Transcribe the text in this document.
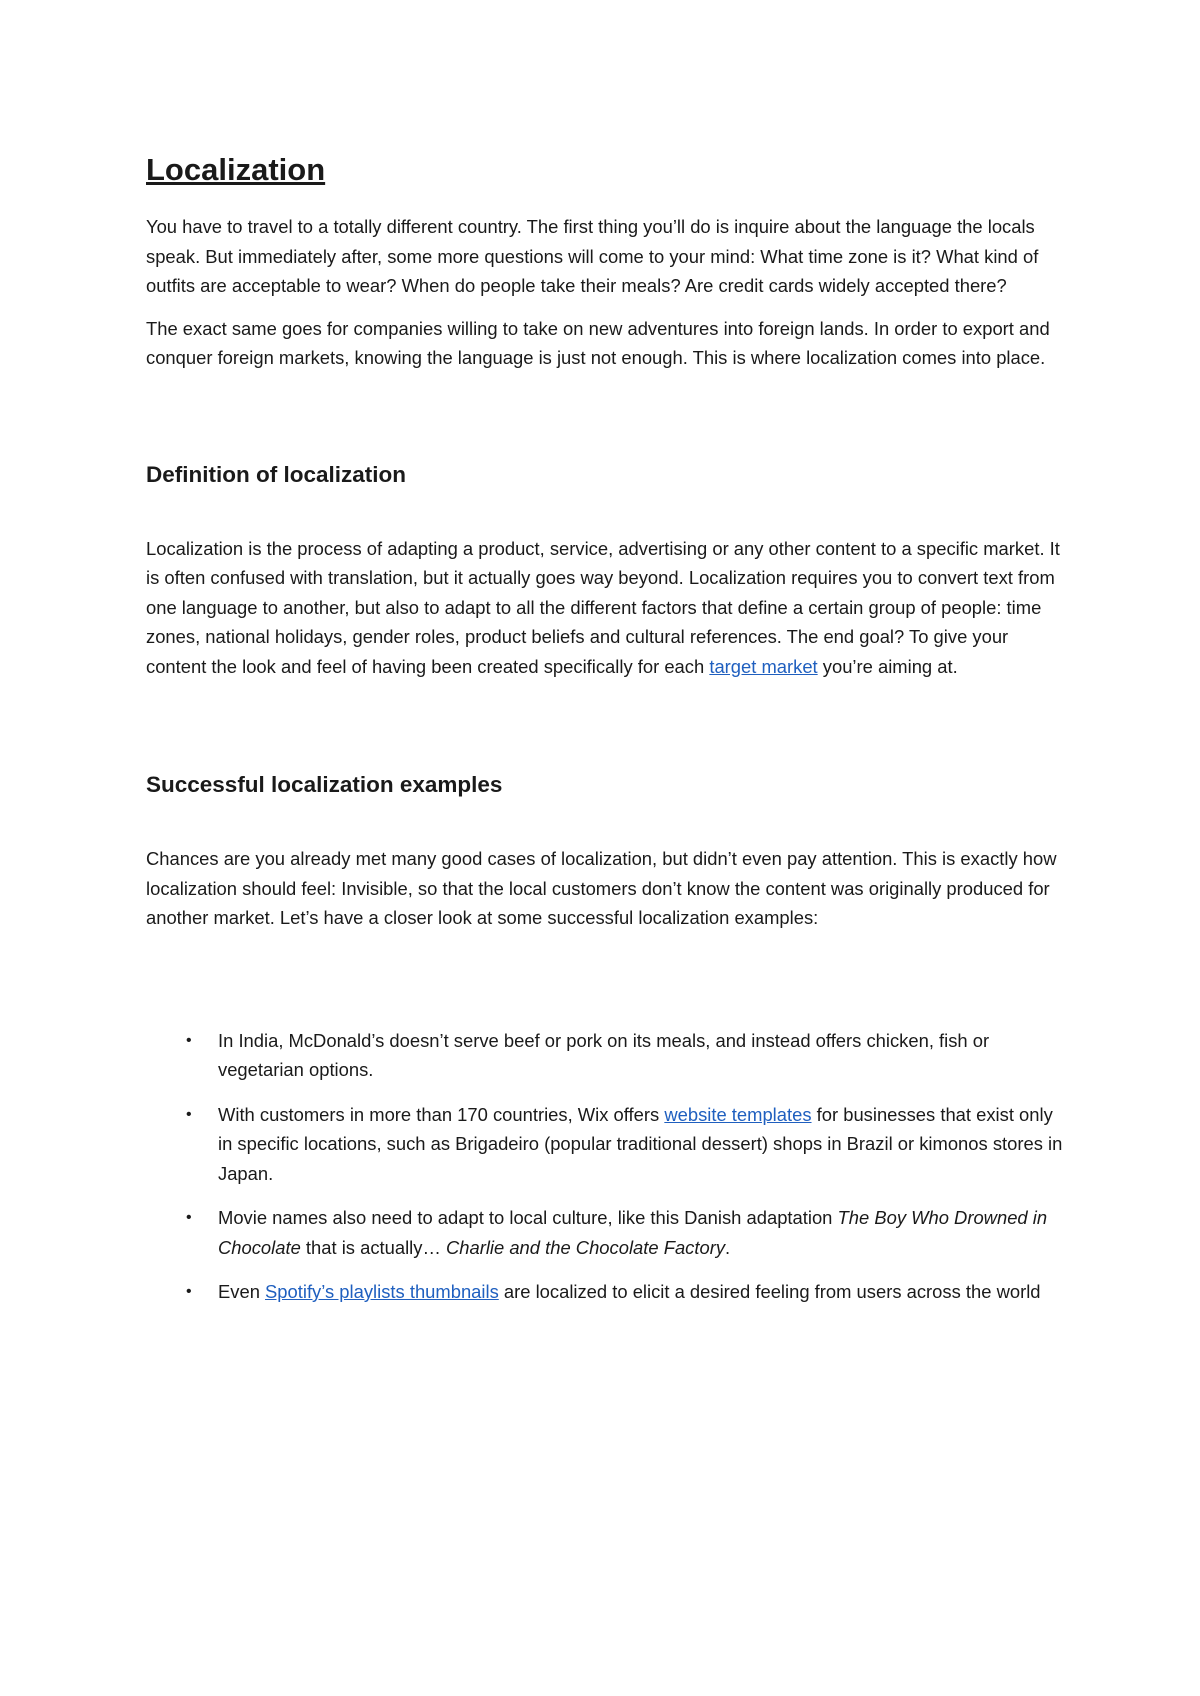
Localization

You have to travel to a totally different country. The first thing you’ll do is inquire about the language the locals speak. But immediately after, some more questions will come to your mind: What time zone is it? What kind of outfits are acceptable to wear? When do people take their meals? Are credit cards widely accepted there?

The exact same goes for companies willing to take on new adventures into foreign lands. In order to export and conquer foreign markets, knowing the language is just not enough. This is where localization comes into place.

Definition of localization

Localization is the process of adapting a product, service, advertising or any other content to a specific market. It is often confused with translation, but it actually goes way beyond. Localization requires you to convert text from one language to another, but also to adapt to all the different factors that define a certain group of people: time zones, national holidays, gender roles, product beliefs and cultural references. The end goal? To give your content the look and feel of having been created specifically for each target market you’re aiming at.

Successful localization examples

Chances are you already met many good cases of localization, but didn’t even pay attention. This is exactly how localization should feel: Invisible, so that the local customers don’t know the content was originally produced for another market. Let’s have a closer look at some successful localization examples:

• In India, McDonald’s doesn’t serve beef or pork on its meals, and instead offers chicken, fish or vegetarian options.
• With customers in more than 170 countries, Wix offers website templates for businesses that exist only in specific locations, such as Brigadeiro (popular traditional dessert) shops in Brazil or kimonos stores in Japan.
• Movie names also need to adapt to local culture, like this Danish adaptation The Boy Who Drowned in Chocolate that is actually… Charlie and the Chocolate Factory.
• Even Spotify’s playlists thumbnails are localized to elicit a desired feeling from users across the world
